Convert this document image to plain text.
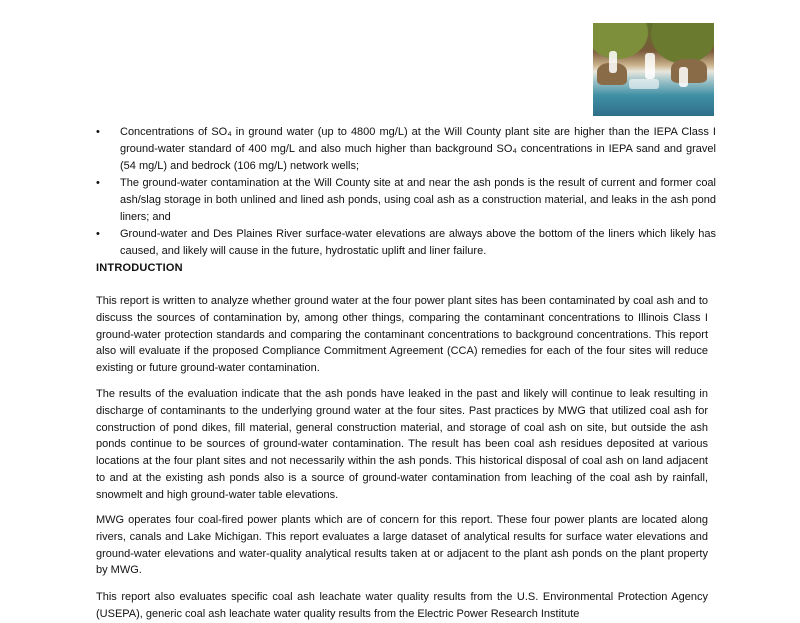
• Concentrations of SO₄ in ground water (up to 4800 mg/L) at the Will County plant site are higher than the IEPA Class I ground-water standard of 400 mg/L and also much higher than background SO₄ concentrations in IEPA sand and gravel (54 mg/L) and bedrock (106 mg/L) network wells;
• The ground-water contamination at the Will County site at and near the ash ponds is the result of current and former coal ash/slag storage in both unlined and lined ash ponds, using coal ash as a construction material, and leaks in the ash pond liners; and
• Ground-water and Des Plaines River surface-water elevations are always above the bottom of the liners which likely has caused, and likely will cause in the future, hydrostatic uplift and liner failure.
INTRODUCTION

This report is written to analyze whether ground water at the four power plant sites has been contaminated by coal ash and to discuss the sources of contamination by, among other things, comparing the contaminant concentrations to Illinois Class I ground-water protection standards and comparing the contaminant concentrations to background concentrations. This report also will evaluate if the proposed Compliance Commitment Agreement (CCA) remedies for each of the four sites will reduce existing or future ground-water contamination.

The results of the evaluation indicate that the ash ponds have leaked in the past and likely will continue to leak resulting in discharge of contaminants to the underlying ground water at the four sites. Past practices by MWG that utilized coal ash for construction of pond dikes, fill material, general construction material, and storage of coal ash on site, but outside the ash ponds continue to be sources of ground-water contamination. The result has been coal ash residues deposited at various locations at the four plant sites and not necessarily within the ash ponds. This historical disposal of coal ash on land adjacent to and at the existing ash ponds also is a source of ground-water contamination from leaching of the coal ash by rainfall, snowmelt and high ground-water table elevations.

MWG operates four coal-fired power plants which are of concern for this report. These four power plants are located along rivers, canals and Lake Michigan. This report evaluates a large dataset of analytical results for surface water elevations and ground-water elevations and water-quality analytical results taken at or adjacent to the plant ash ponds on the plant property by MWG.

This report also evaluates specific coal ash leachate water quality results from the U.S. Environmental Protection Agency (USEPA), generic coal ash leachate water quality results from the Electric Power Research Institute
